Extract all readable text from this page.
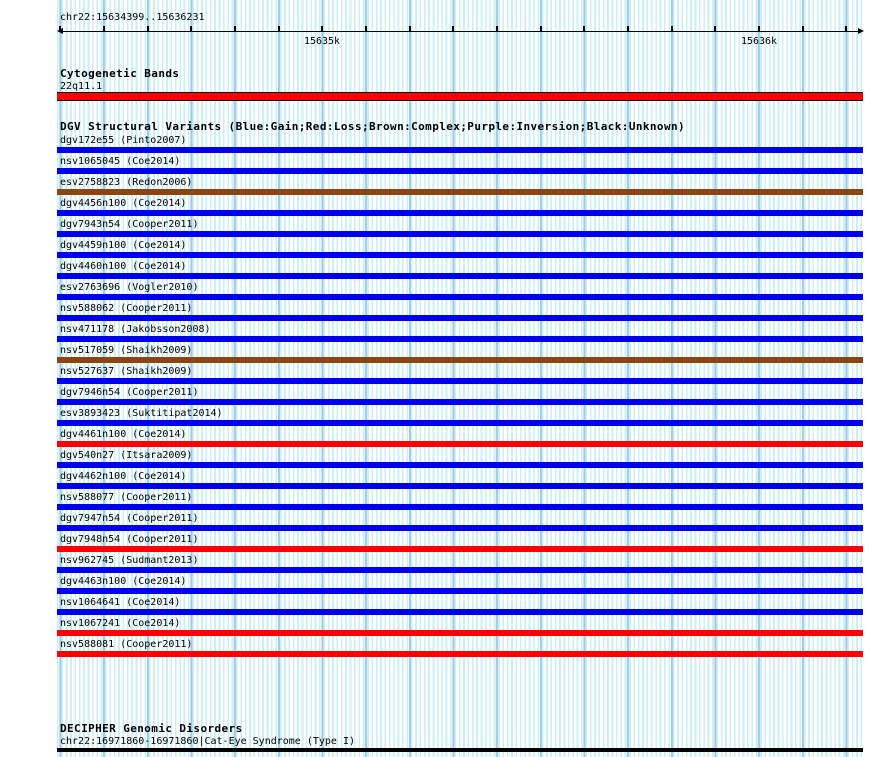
chr22:15634399..15636231
15635k	15636k
Cytogenetic Bands
22q11.1
DGV Structural Variants (Blue:Gain;Red:Loss;Brown:Complex;Purple:Inversion;Black:Unknown)
dgv172e55 (Pinto2007)
nsv1065045 (Coe2014)
esv2758823 (Redon2006)
dgv4456n100 (Coe2014)
dgv7943n54 (Cooper2011)
dgv4459n100 (Coe2014)
dgv4460n100 (Coe2014)
esv2763696 (Vogler2010)
nsv588062 (Cooper2011)
nsv471178 (Jakobsson2008)
nsv517059 (Shaikh2009)
nsv527637 (Shaikh2009)
dgv7946n54 (Cooper2011)
esv3893423 (Suktitipat2014)
dgv4461n100 (Coe2014)
dgv540n27 (Itsara2009)
dgv4462n100 (Coe2014)
nsv588077 (Cooper2011)
dgv7947n54 (Cooper2011)
dgv7948n54 (Cooper2011)
nsv962745 (Sudmant2013)
dgv4463n100 (Coe2014)
nsv1064641 (Coe2014)
nsv1067241 (Coe2014)
nsv588081 (Cooper2011)
DECIPHER Genomic Disorders
chr22:16971860-16971860|Cat-Eye Syndrome (Type I)
